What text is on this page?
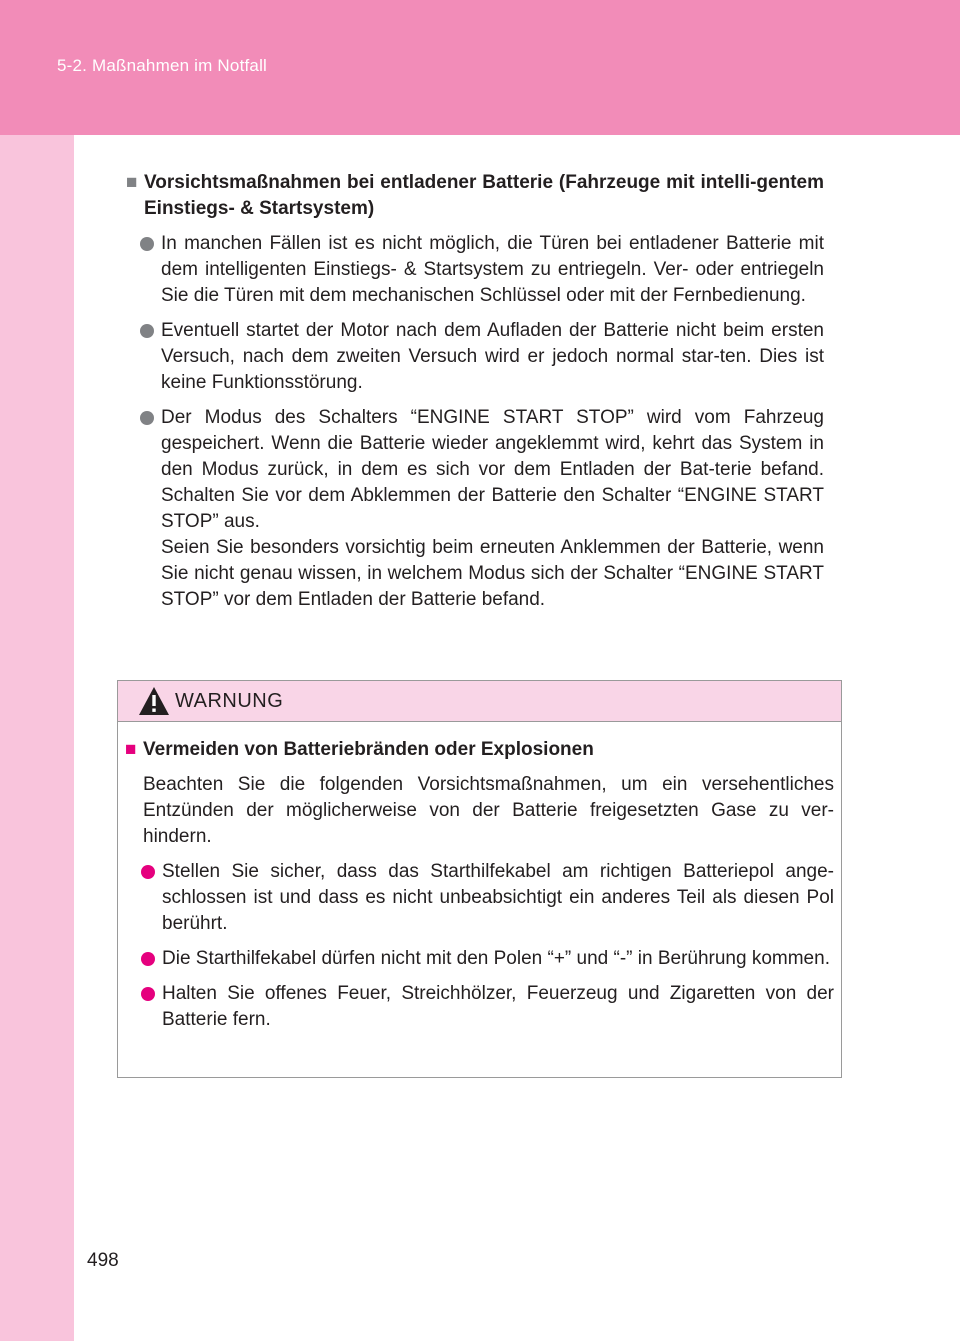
5-2. Maßnahmen im Notfall
498

■ Vorsichtsmaßnahmen bei entladener Batterie (Fahrzeuge mit intelli-gentem Einstiegs- & Startsystem)

In manchen Fällen ist es nicht möglich, die Türen bei entladener Batterie mit dem intelligenten Einstiegs- & Startsystem zu entriegeln. Ver- oder entriegeln Sie die Türen mit dem mechanischen Schlüssel oder mit der Fernbedienung.

Eventuell startet der Motor nach dem Aufladen der Batterie nicht beim ersten Versuch, nach dem zweiten Versuch wird er jedoch normal star-ten. Dies ist keine Funktionsstörung.

Der Modus des Schalters “ENGINE START STOP” wird vom Fahrzeug gespeichert. Wenn die Batterie wieder angeklemmt wird, kehrt das System in den Modus zurück, in dem es sich vor dem Entladen der Bat-terie befand. Schalten Sie vor dem Abklemmen der Batterie den Schalter “ENGINE START STOP” aus.

Seien Sie besonders vorsichtig beim erneuten Anklemmen der Batterie, wenn Sie nicht genau wissen, in welchem Modus sich der Schalter “ENGINE START STOP” vor dem Entladen der Batterie befand.

WARNUNG

■ Vermeiden von Batteriebränden oder Explosionen

Beachten Sie die folgenden Vorsichtsmaßnahmen, um ein versehentliches Entzünden der möglicherweise von der Batterie freigesetzten Gase zu ver-hindern.

Stellen Sie sicher, dass das Starthilfekabel am richtigen Batteriepol ange-schlossen ist und dass es nicht unbeabsichtigt ein anderes Teil als diesen Pol berührt.

Die Starthilfekabel dürfen nicht mit den Polen “+” und “-” in Berührung kommen.

Halten Sie offenes Feuer, Streichhölzer, Feuerzeug und Zigaretten von der Batterie fern.
